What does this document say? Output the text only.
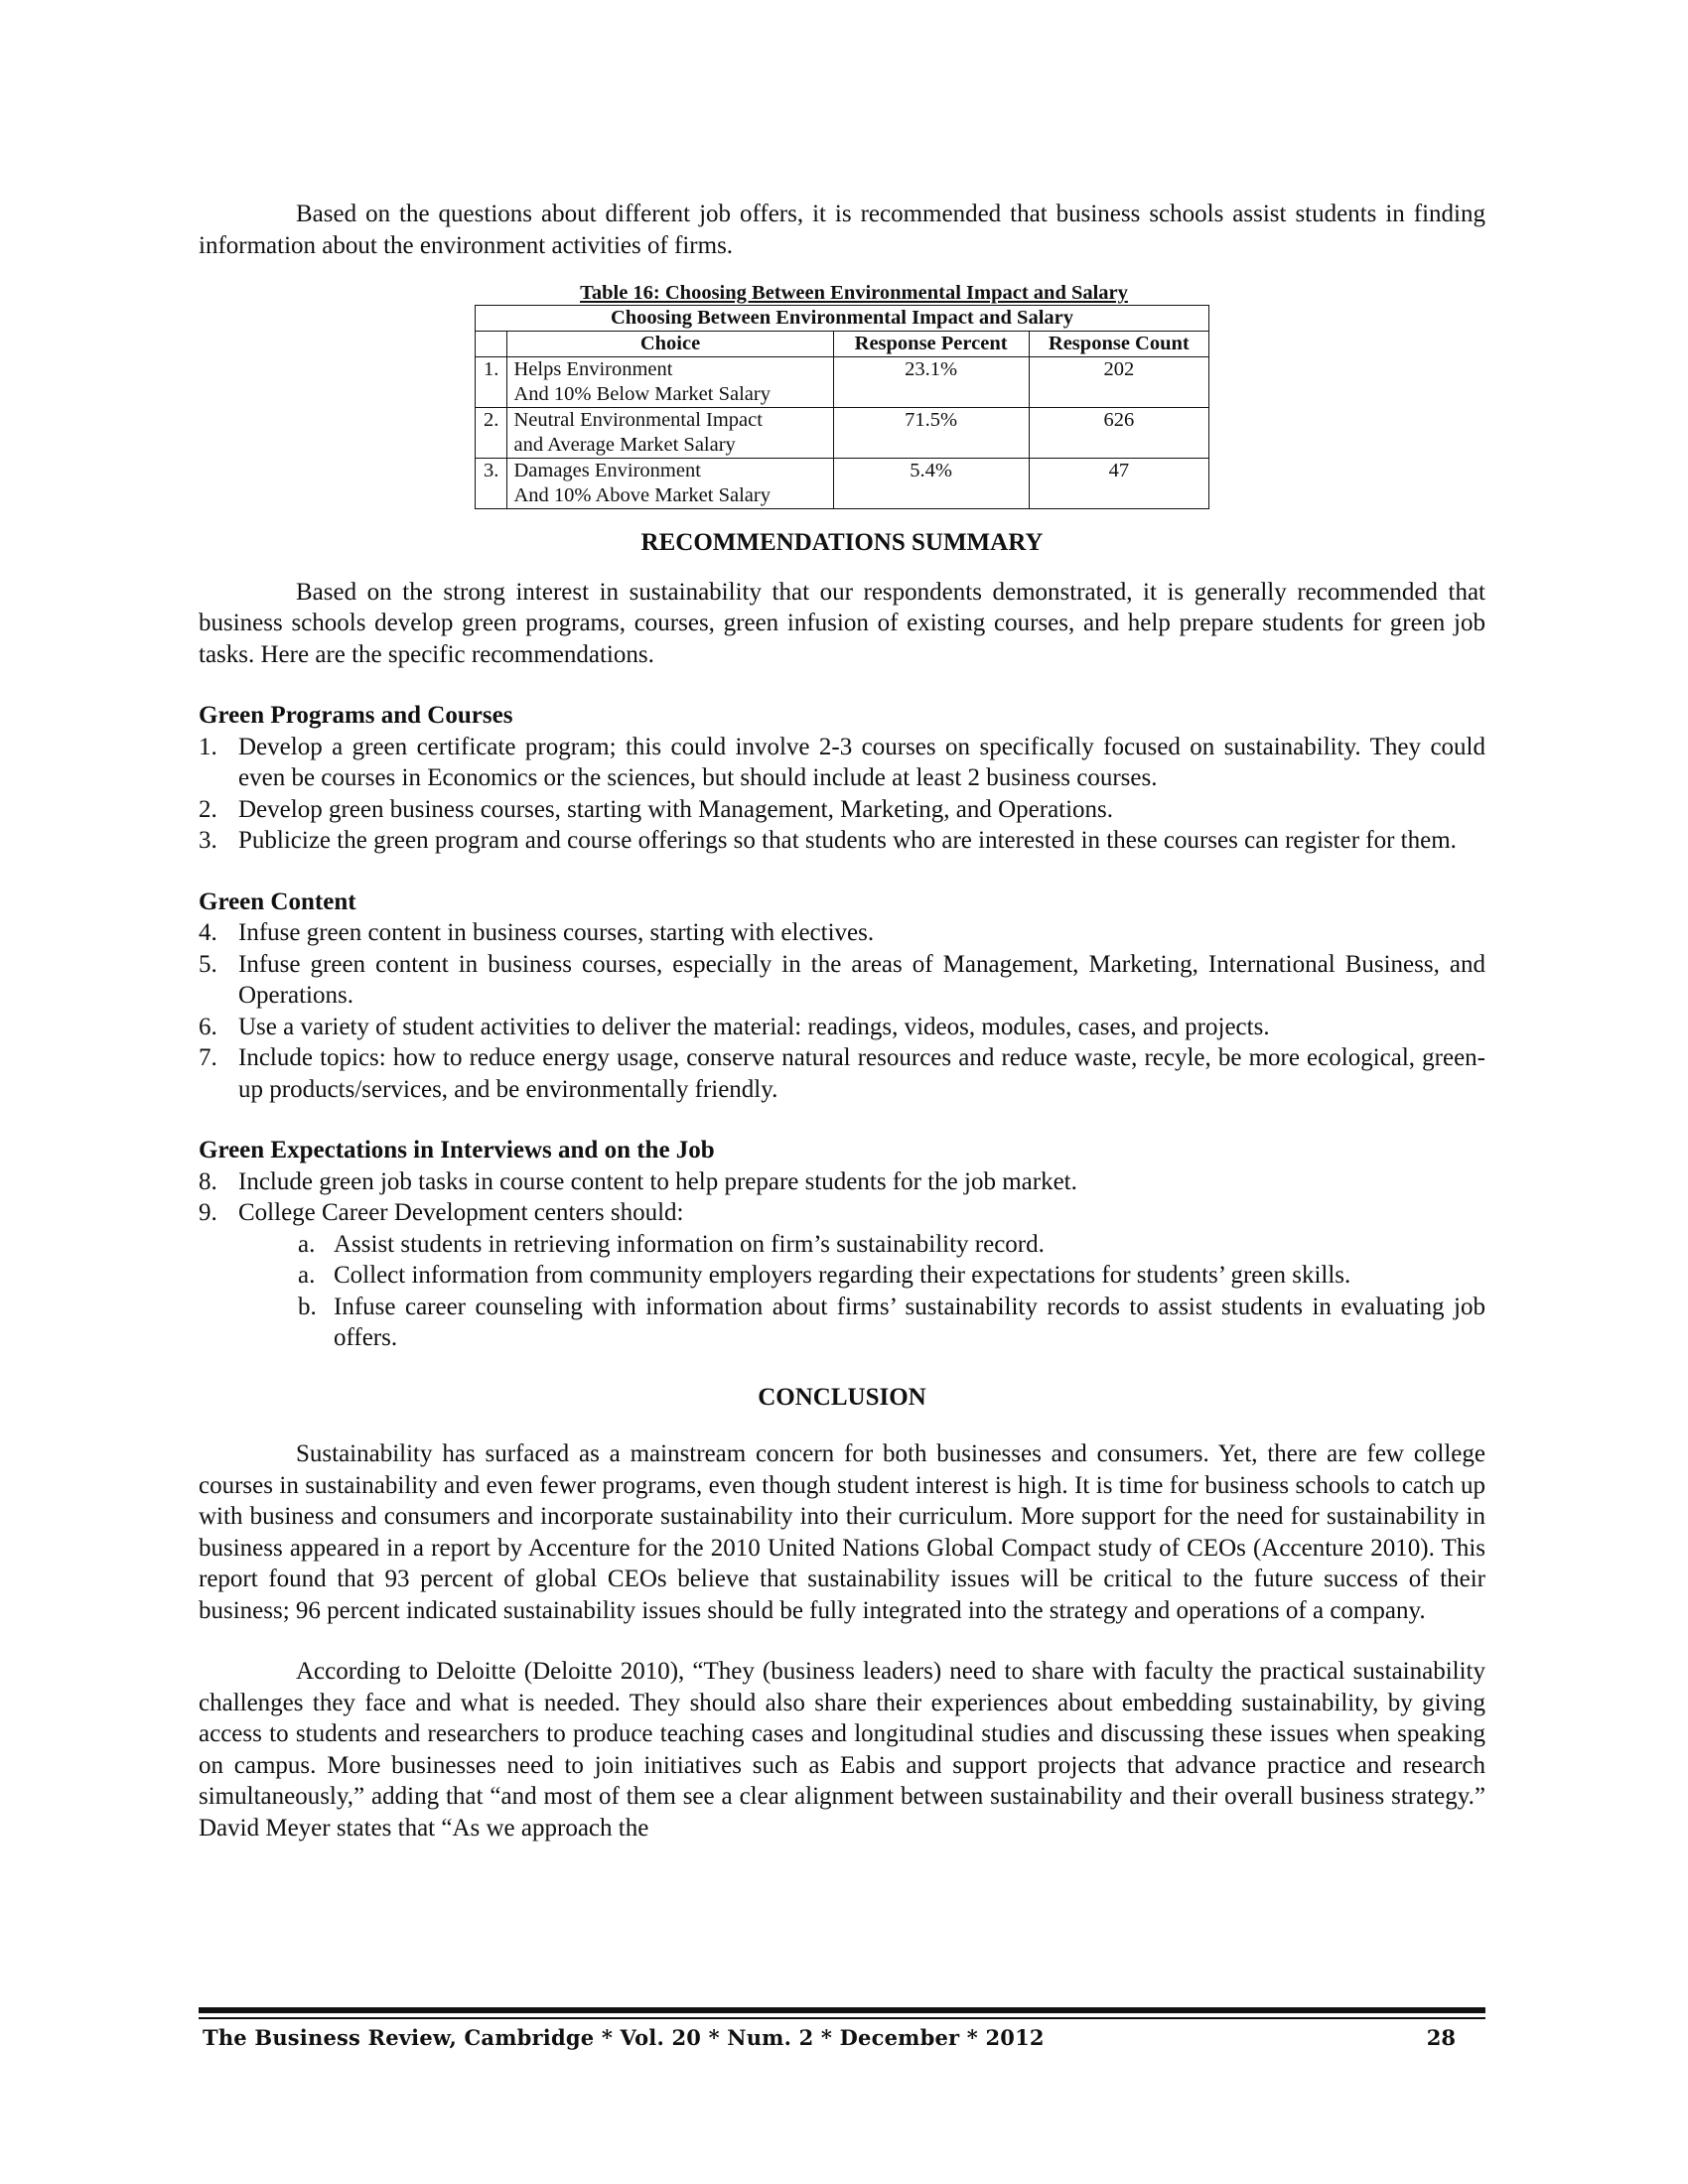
Based on the questions about different job offers, it is recommended that business schools assist students in finding information about the environment activities of firms.

Table 16: Choosing Between Environmental Impact and Salary
Choosing Between Environmental Impact and Salary			
	Choice	Response Percent	Response Count
1.	Helps Environment
And 10% Below Market Salary	23.1%	202
2.	Neutral Environmental Impact
and Average Market Salary	71.5%	626
3.	Damages Environment
And 10% Above Market Salary	5.4%	47
RECOMMENDATIONS SUMMARY

Based on the strong interest in sustainability that our respondents demonstrated, it is generally recommended that business schools develop green programs, courses, green infusion of existing courses, and help prepare students for green job tasks. Here are the specific recommendations.

Green Programs and Courses
1. Develop a green certificate program; this could involve 2-3 courses on specifically focused on sustainability. They could even be courses in Economics or the sciences, but should include at least 2 business courses.
2. Develop green business courses, starting with Management, Marketing, and Operations.
3. Publicize the green program and course offerings so that students who are interested in these courses can register for them.
Green Content
4. Infuse green content in business courses, starting with electives.
5. Infuse green content in business courses, especially in the areas of Management, Marketing, International Business, and Operations.
6. Use a variety of student activities to deliver the material: readings, videos, modules, cases, and projects.
7. Include topics: how to reduce energy usage, conserve natural resources and reduce waste, recyle, be more ecological, green-up products/services, and be environmentally friendly.
Green Expectations in Interviews and on the Job
8. Include green job tasks in course content to help prepare students for the job market.
9. College Career Development centers should:
a. Assist students in retrieving information on firm’s sustainability record.
a. Collect information from community employers regarding their expectations for students’ green skills.
b. Infuse career counseling with information about firms’ sustainability records to assist students in evaluating job offers.
CONCLUSION

Sustainability has surfaced as a mainstream concern for both businesses and consumers. Yet, there are few college courses in sustainability and even fewer programs, even though student interest is high. It is time for business schools to catch up with business and consumers and incorporate sustainability into their curriculum. More support for the need for sustainability in business appeared in a report by Accenture for the 2010 United Nations Global Compact study of CEOs (Accenture 2010). This report found that 93 percent of global CEOs believe that sustainability issues will be critical to the future success of their business; 96 percent indicated sustainability issues should be fully integrated into the strategy and operations of a company.

According to Deloitte (Deloitte 2010), “They (business leaders) need to share with faculty the practical sustainability challenges they face and what is needed. They should also share their experiences about embedding sustainability, by giving access to students and researchers to produce teaching cases and longitudinal studies and discussing these issues when speaking on campus. More businesses need to join initiatives such as Eabis and support projects that advance practice and research simultaneously,” adding that “and most of them see a clear alignment between sustainability and their overall business strategy.” David Meyer states that “As we approach the

The Business Review, Cambridge * Vol. 20 * Num. 2 * December * 2012	28
